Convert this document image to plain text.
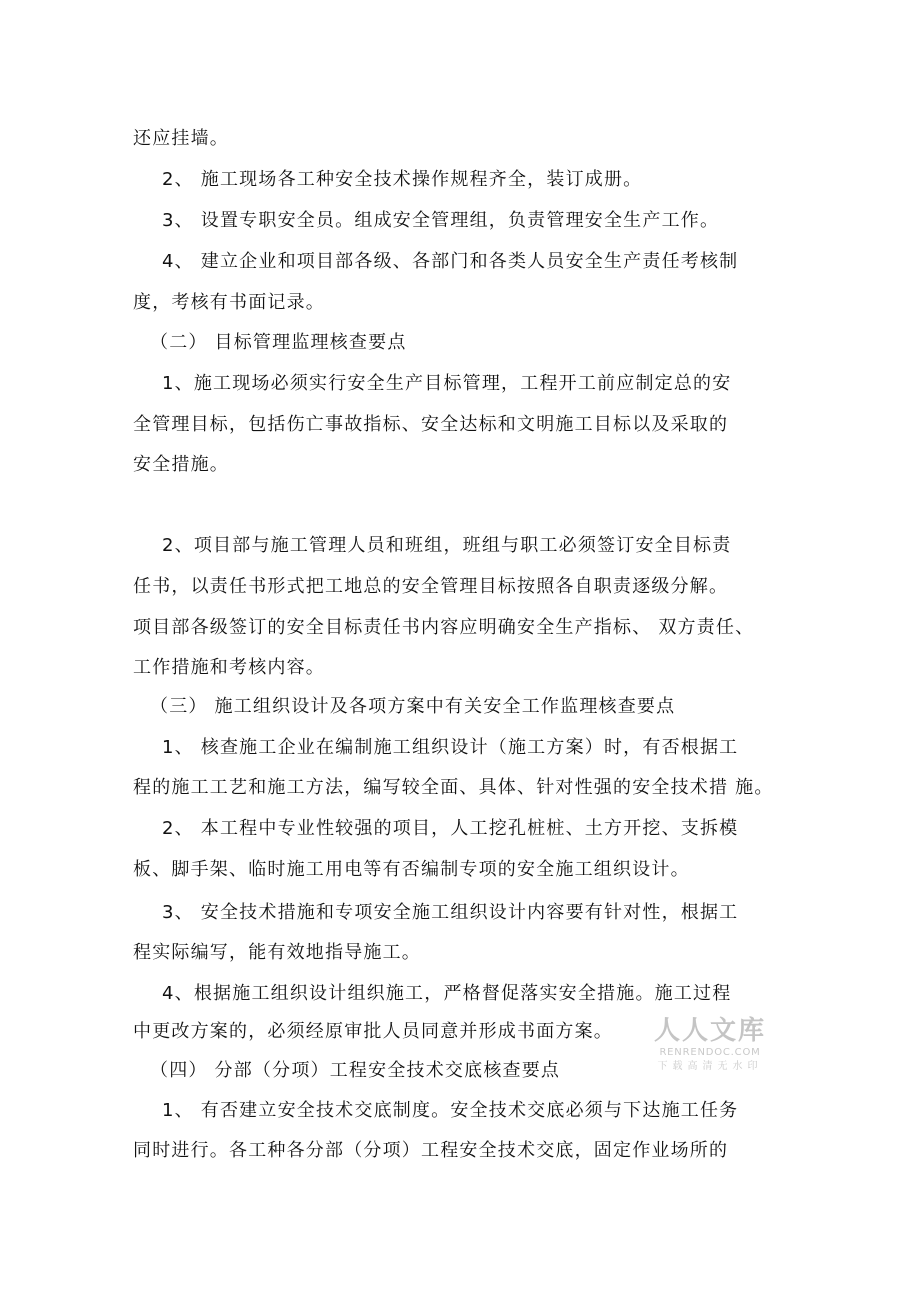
还应挂墙。

2、 施工现场各工种安全技术操作规程齐全，装订成册。

3、 设置专职安全员。组成安全管理组，负责管理安全生产工作。

4、 建立企业和项目部各级、各部门和各类人员安全生产责任考核制

度，考核有书面记录。

（二） 目标管理监理核查要点

1、施工现场必须实行安全生产目标管理，工程开工前应制定总的安

全管理目标，包括伤亡事故指标、安全达标和文明施工目标以及采取的

安全措施。

2、项目部与施工管理人员和班组，班组与职工必须签订安全目标责

任书，以责任书形式把工地总的安全管理目标按照各自职责逐级分解。

项目部各级签订的安全目标责任书内容应明确安全生产指标、 双方责任、

工作措施和考核内容。

（三） 施工组织设计及各项方案中有关安全工作监理核查要点

1、 核查施工企业在编制施工组织设计（施工方案）时，有否根据工

程的施工工艺和施工方法，编写较全面、具体、针对性强的安全技术措 施。

2、 本工程中专业性较强的项目，人工挖孔桩桩、土方开挖、支拆模

板、脚手架、临时施工用电等有否编制专项的安全施工组织设计。

3、 安全技术措施和专项安全施工组织设计内容要有针对性，根据工

程实际编写，能有效地指导施工。

4、根据施工组织设计组织施工，严格督促落实安全措施。施工过程

中更改方案的，必须经原审批人员同意并形成书面方案。

（四） 分部（分项）工程安全技术交底核查要点

1、 有否建立安全技术交底制度。安全技术交底必须与下达施工任务

同时进行。各工种各分部（分项）工程安全技术交底，固定作业场所的

人人文库
RENRENDOC.COM
下载高清无水印
